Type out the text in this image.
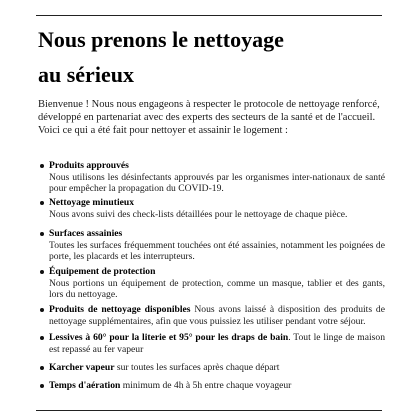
Nous prenons le nettoyage
au sérieux

Bienvenue ! Nous nous engageons à respecter le protocole de nettoyage renforcé,

développé en partenariat avec des experts des secteurs de la santé et de l'accueil.

Voici ce qui a été fait pour nettoyer et assainir le logement :

Produits approuvés
Nous utilisons les désinfectants approuvés par les organismes inter-nationaux de santé pour empêcher la propagation du COVID-19.
Nettoyage minutieux
Nous avons suivi des check-lists détaillées pour le nettoyage de chaque pièce.
Surfaces assainies
Toutes les surfaces fréquemment touchées ont été assainies, notamment les poignées de porte, les placards et les interrupteurs.
Équipement de protection
Nous portions un équipement de protection, comme un masque, tablier et des gants, lors du nettoyage.
Produits de nettoyage disponibles Nous avons laissé à disposition des produits de nettoyage supplémentaires, afin que vous puissiez les utiliser pendant votre séjour.
Lessives à 60° pour la literie et 95° pour les draps de bain. Tout le linge de maison est repassé au fer vapeur
Karcher vapeur sur toutes les surfaces après chaque départ
Temps d'aération minimum de 4h à 5h entre chaque voyageur
